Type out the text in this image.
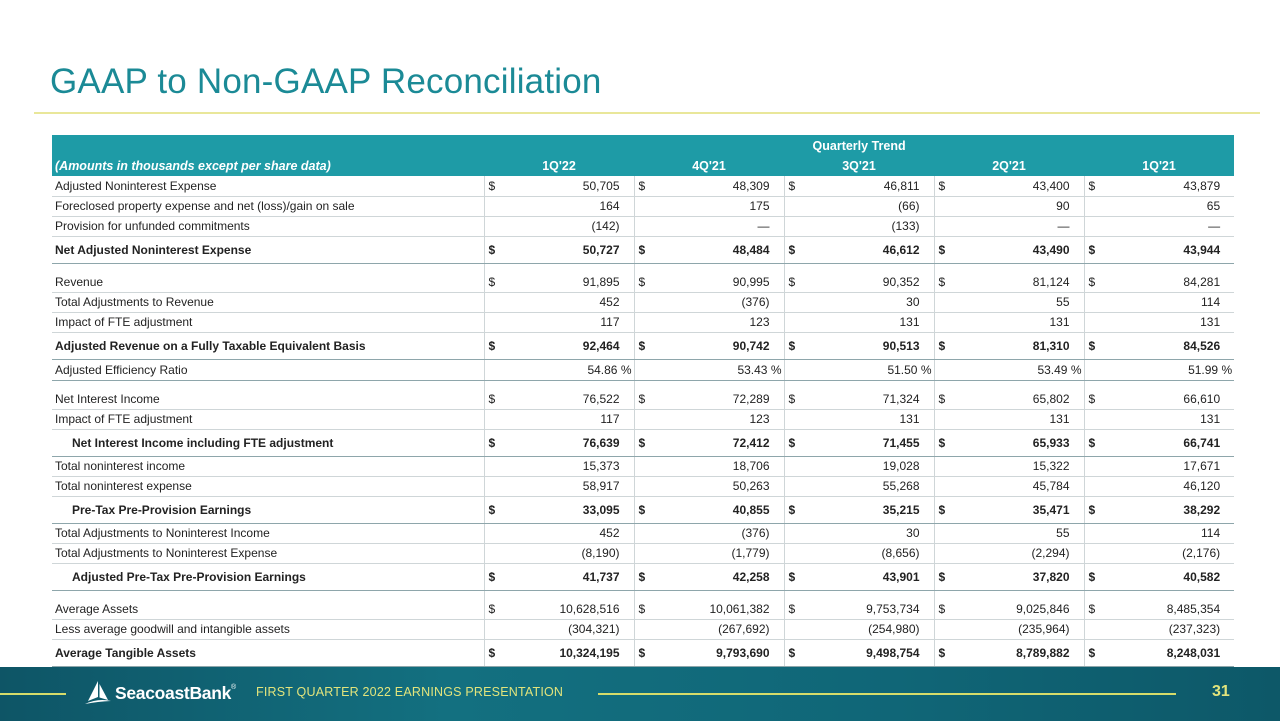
GAAP to Non-GAAP Reconciliation
	Quarterly Trend									
(Amounts in thousands except per share data)	1Q'22		4Q'21		3Q'21		2Q'21		1Q'21	
Adjusted Noninterest Expense	$	50,705	$	48,309	$	46,811	$	43,400	$	43,879
Foreclosed property expense and net (loss)/gain on sale		164		175		(66)		90		65
Provision for unfunded commitments		(142)		—		(133)		—		—
Net Adjusted Noninterest Expense	$	50,727	$	48,484	$	46,612	$	43,490	$	43,944
Revenue	$	91,895	$	90,995	$	90,352	$	81,124	$	84,281
Total Adjustments to Revenue		452		(376)		30		55		114
Impact of FTE adjustment		117		123		131		131		131
Adjusted Revenue on a Fully Taxable Equivalent Basis	$	92,464	$	90,742	$	90,513	$	81,310	$	84,526
Adjusted Efficiency Ratio		54.86 %		53.43 %		51.50 %		53.49 %		51.99 %
Net Interest Income	$	76,522	$	72,289	$	71,324	$	65,802	$	66,610
Impact of FTE adjustment		117		123		131		131		131
Net Interest Income including FTE adjustment	$	76,639	$	72,412	$	71,455	$	65,933	$	66,741
Total noninterest income		15,373		18,706		19,028		15,322		17,671
Total noninterest expense		58,917		50,263		55,268		45,784		46,120
Pre-Tax Pre-Provision Earnings	$	33,095	$	40,855	$	35,215	$	35,471	$	38,292
Total Adjustments to Noninterest Income		452		(376)		30		55		114
Total Adjustments to Noninterest Expense		(8,190)		(1,779)		(8,656)		(2,294)		(2,176)
Adjusted Pre-Tax Pre-Provision Earnings	$	41,737	$	42,258	$	43,901	$	37,820	$	40,582
Average Assets	$	10,628,516	$	10,061,382	$	9,753,734	$	9,025,846	$	8,485,354
Less average goodwill and intangible assets		(304,321)		(267,692)		(254,980)		(235,964)		(237,323)
Average Tangible Assets	$	10,324,195	$	9,793,690	$	9,498,754	$	8,789,882	$	8,248,031
SeacoastBank ® FIRST QUARTER 2022 EARNINGS PRESENTATION	31
